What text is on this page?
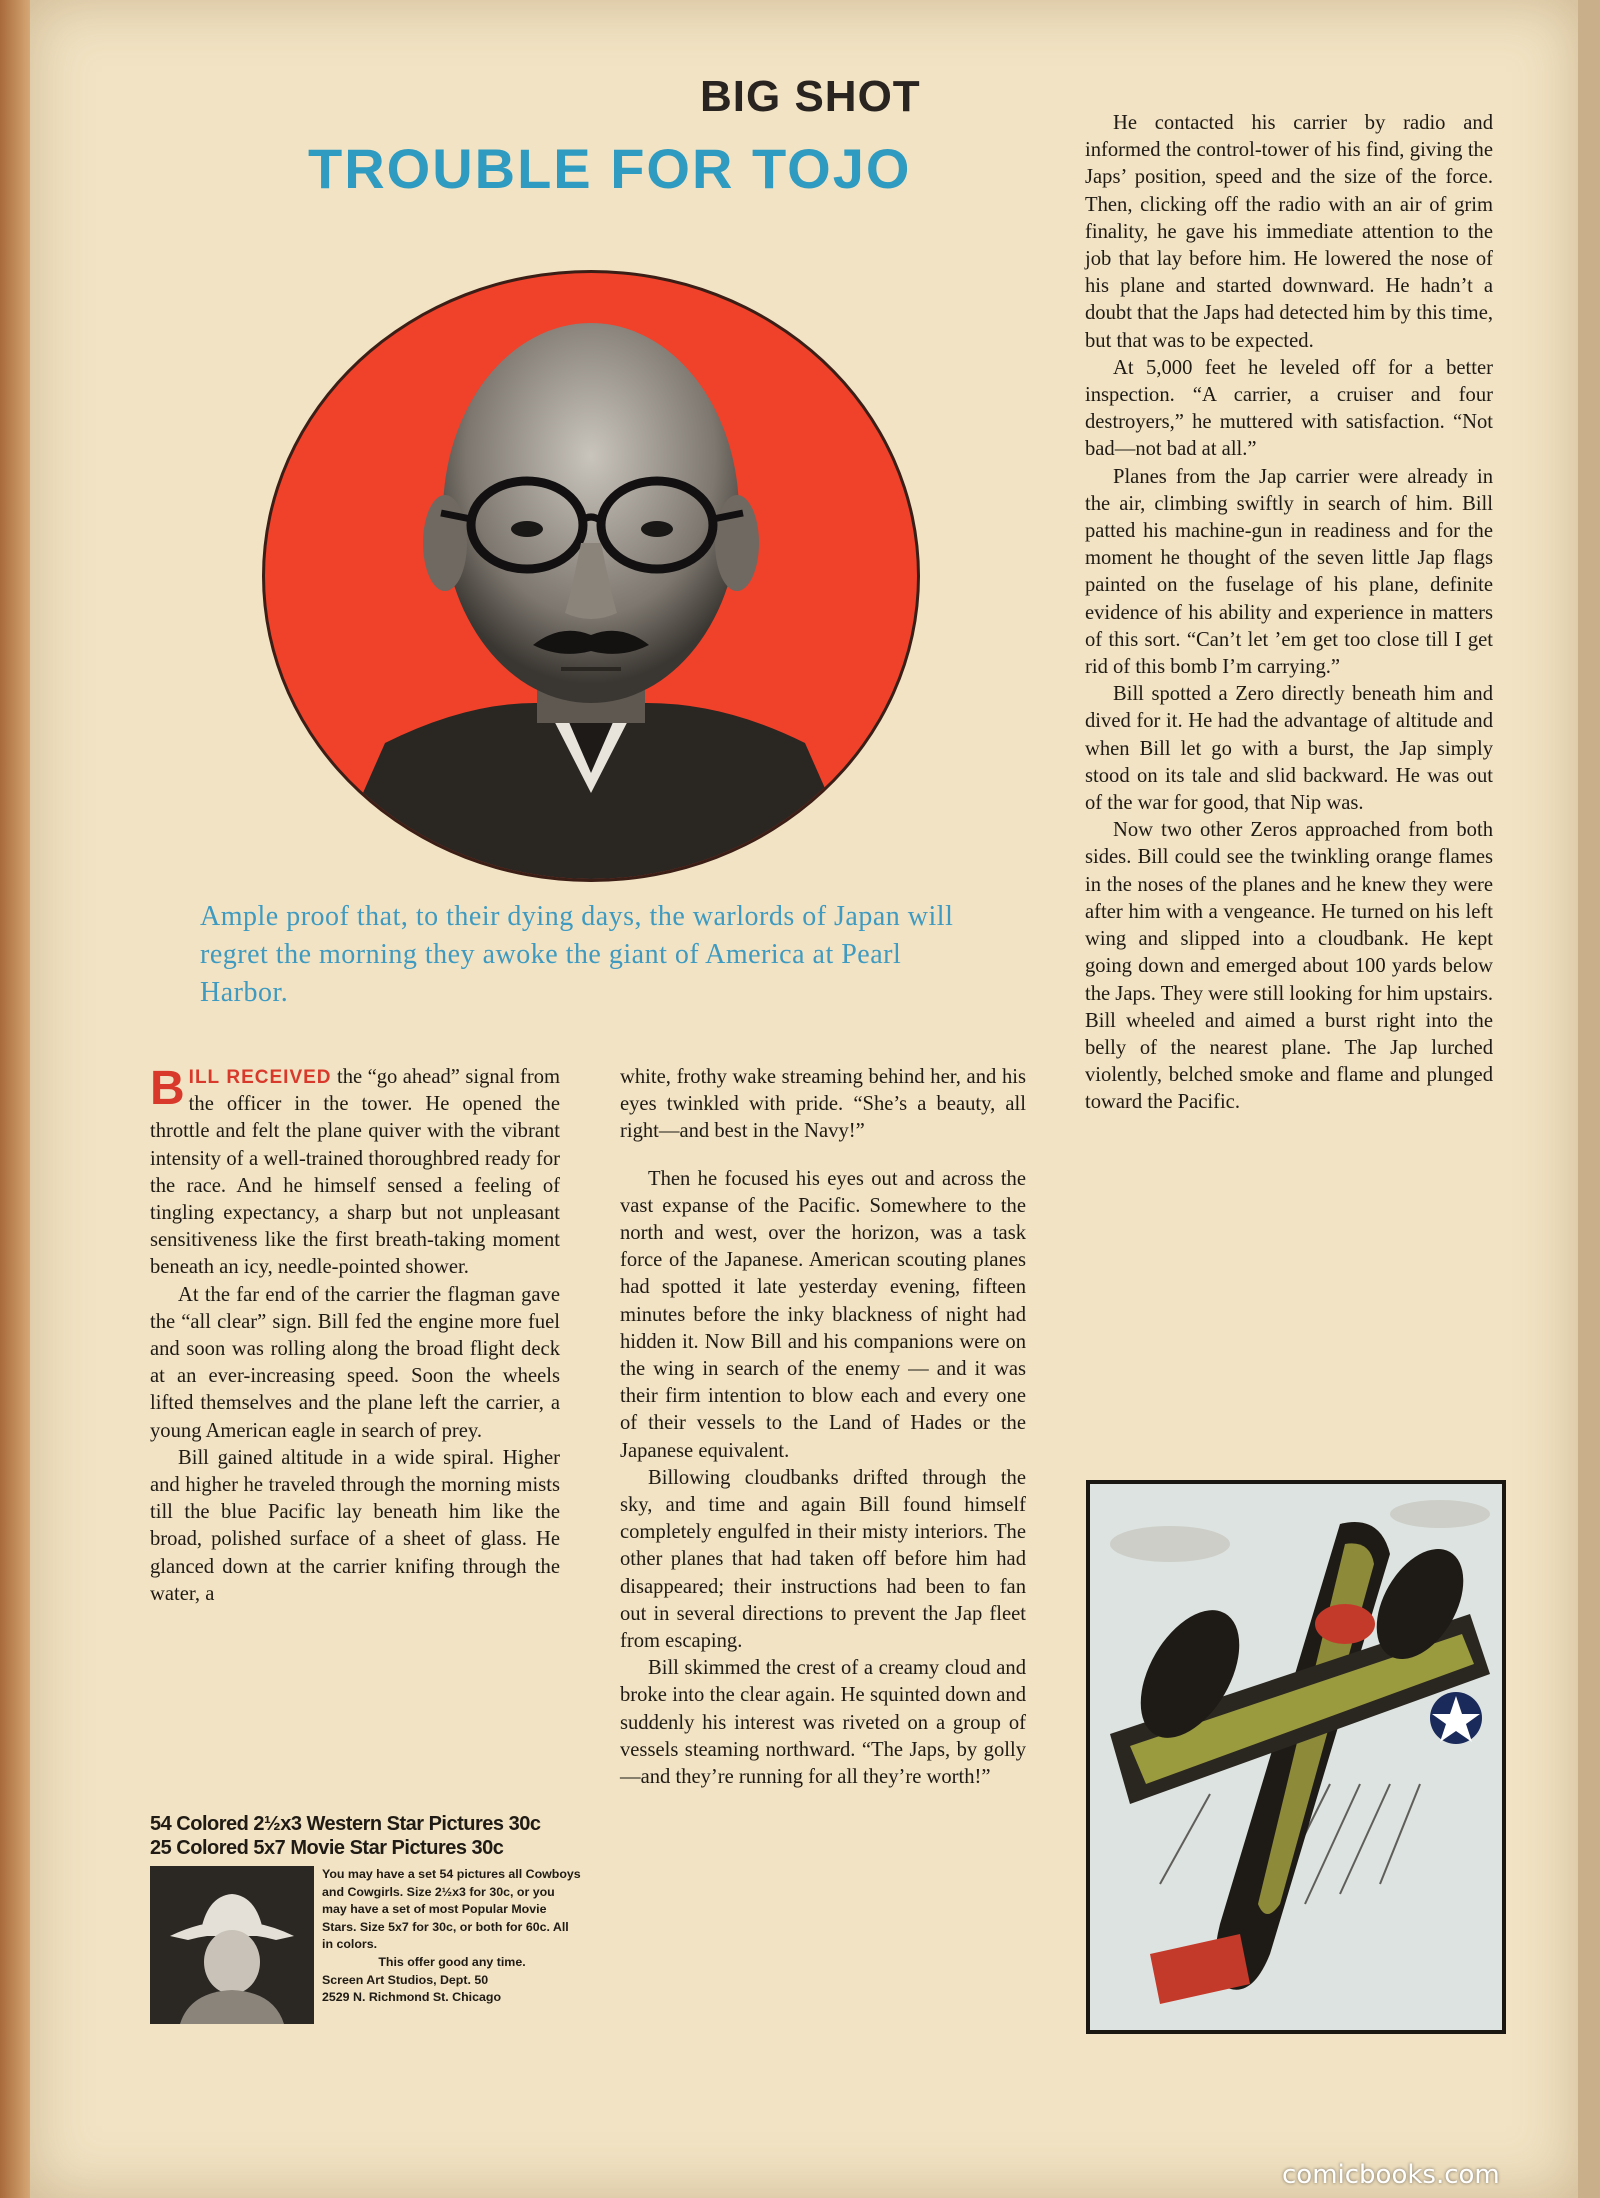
BIG SHOT
TROUBLE FOR TOJO
Ample proof that, to their dying days, the warlords of Japan will regret the morning they awoke the giant of America at Pearl Harbor.

BILL RECEIVED the “go ahead” signal from the officer in the tower. He opened the throttle and felt the plane quiver with the vibrant intensity of a well-trained thoroughbred ready for the race. And he himself sensed a feeling of tingling expectancy, a sharp but not unpleasant sensitiveness like the first breath-taking moment beneath an icy, needle-pointed shower.

At the far end of the carrier the flagman gave the “all clear” sign. Bill fed the engine more fuel and soon was rolling along the broad flight deck at an ever-increasing speed. Soon the wheels lifted themselves and the plane left the carrier, a young American eagle in search of prey.

Bill gained altitude in a wide spiral. Higher and higher he traveled through the morning mists till the blue Pacific lay beneath him like the broad, polished surface of a sheet of glass. He glanced down at the carrier knifing through the water, a

white, frothy wake streaming behind her, and his eyes twinkled with pride. “She’s a beauty, all right—and best in the Navy!”

Then he focused his eyes out and across the vast expanse of the Pacific. Somewhere to the north and west, over the horizon, was a task force of the Japanese. American scouting planes had spotted it late yesterday evening, fifteen minutes before the inky blackness of night had hidden it. Now Bill and his companions were on the wing in search of the enemy — and it was their firm intention to blow each and every one of their vessels to the Land of Hades or the Japanese equivalent.

Billowing cloudbanks drifted through the sky, and time and again Bill found himself completely engulfed in their misty interiors. The other planes that had taken off before him had disappeared; their instructions had been to fan out in several directions to prevent the Jap fleet from escaping.

Bill skimmed the crest of a creamy cloud and broke into the clear again. He squinted down and suddenly his interest was riveted on a group of vessels steaming northward. “The Japs, by golly—and they’re running for all they’re worth!”

He contacted his carrier by radio and informed the control-tower of his find, giving the Japs’ position, speed and the size of the force. Then, clicking off the radio with an air of grim finality, he gave his immediate attention to the job that lay before him. He lowered the nose of his plane and started downward. He hadn’t a doubt that the Japs had detected him by this time, but that was to be expected.

At 5,000 feet he leveled off for a better inspection. “A carrier, a cruiser and four destroyers,” he muttered with satisfaction. “Not bad—not bad at all.”

Planes from the Jap carrier were already in the air, climbing swiftly in search of him. Bill patted his machine-gun in readiness and for the moment he thought of the seven little Jap flags painted on the fuselage of his plane, definite evidence of his ability and experience in matters of this sort. “Can’t let ’em get too close till I get rid of this bomb I’m carrying.”

Bill spotted a Zero directly beneath him and dived for it. He had the advantage of altitude and when Bill let go with a burst, the Jap simply stood on its tale and slid backward. He was out of the war for good, that Nip was.

Now two other Zeros approached from both sides. Bill could see the twinkling orange flames in the noses of the planes and he knew they were after him with a vengeance. He turned on his left wing and slipped into a cloudbank. He kept going down and emerged about 100 yards below the Japs. They were still looking for him upstairs. Bill wheeled and aimed a burst right into the belly of the nearest plane. The Jap lurched violently, belched smoke and flame and plunged toward the Pacific.

54 Colored 2½x3 Western Star Pictures 30c
25 Colored 5x7 Movie Star Pictures 30c

You may have a set 54 pictures all Cowboys and Cowgirls. Size 2½x3 for 30c, or you may have a set of most Popular Movie Stars. Size 5x7 for 30c, or both for 60c. All in colors.

This offer good any time.

Screen Art Studios, Dept. 50

2529 N. Richmond St. Chicago

comicbooks.com
